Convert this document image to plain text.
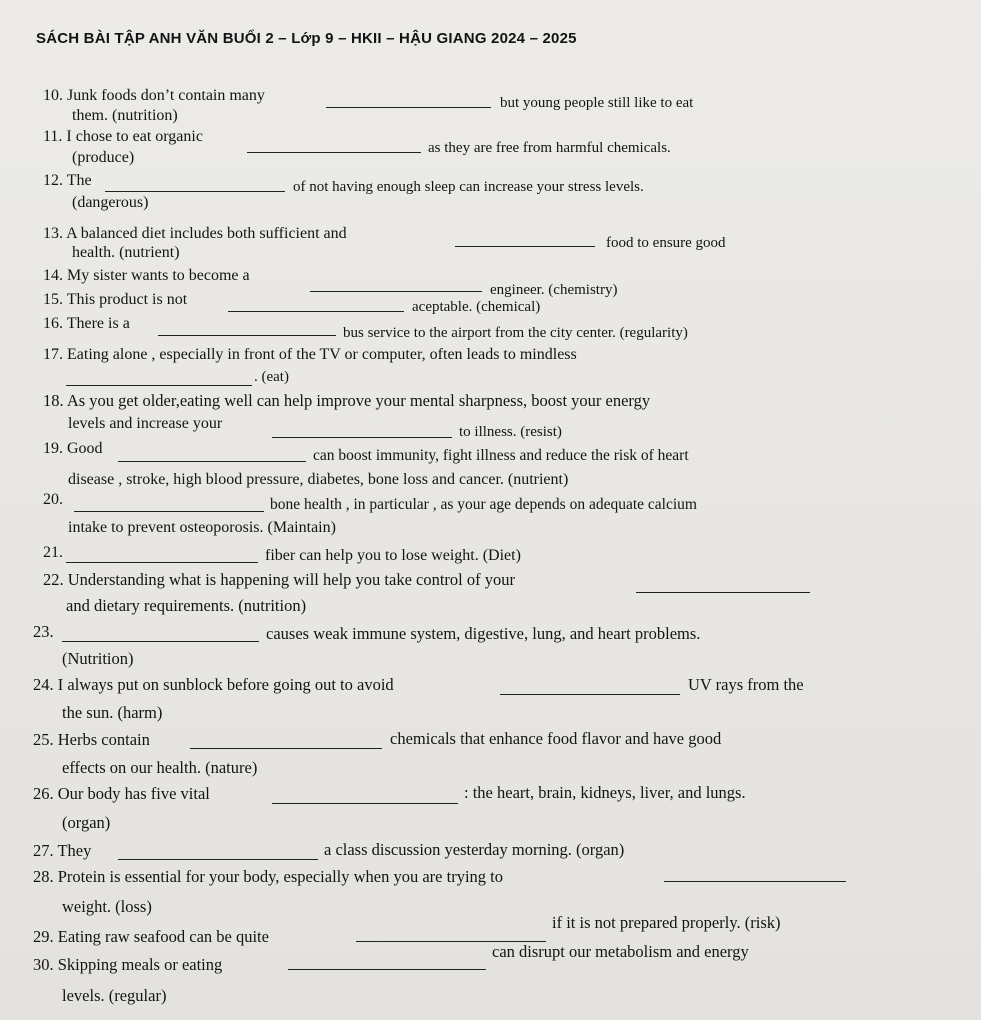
SÁCH BÀI TẬP ANH VĂN BUỔI 2 – Lớp 9 – HKII – HẬU GIANG 2024 – 2025
10. Junk foods don’t contain many	but young people still like to eat
them. (nutrition)
11. I chose to eat organic
as they are free from harmful chemicals.
(produce)
12. The	of not having enough sleep can increase your stress levels.
(dangerous)
13. A balanced diet includes both sufficient and
food to ensure good
health. (nutrient)
14. My sister wants to become a
engineer. (chemistry)
15. This product is not	aceptable. (chemical)
16. There is a
bus service to the airport from the city center. (regularity)
17. Eating alone , especially in front of the TV or computer, often leads to mindless
. (eat)
18. As you get older,eating well can help improve your mental sharpness, boost your energy
levels and increase your	to illness. (resist)
19. Good	can boost immunity, fight illness and reduce the risk of heart
disease , stroke, high blood pressure, diabetes, bone loss and cancer. (nutrient)
20.	bone health , in particular , as your age depends on adequate calcium
intake to prevent osteoporosis. (Maintain)
21.	fiber can help you to lose weight. (Diet)
22. Understanding what is happening will help you take control of your
and dietary requirements. (nutrition)
23.	causes weak immune system, digestive, lung, and heart problems.
(Nutrition)
24. I always put on sunblock before going out to avoid	UV rays from the
the sun. (harm)
25. Herbs contain	chemicals that enhance food flavor and have good
effects on our health. (nature)
26. Our body has five vital	: the heart, brain, kidneys, liver, and lungs.
(organ)
27. They	a class discussion yesterday morning. (organ)
28. Protein is essential for your body, especially when you are trying to
weight. (loss)
29. Eating raw seafood can be quite
if it is not prepared properly. (risk)
30. Skipping meals or eating
can disrupt our metabolism and energy
levels. (regular)
